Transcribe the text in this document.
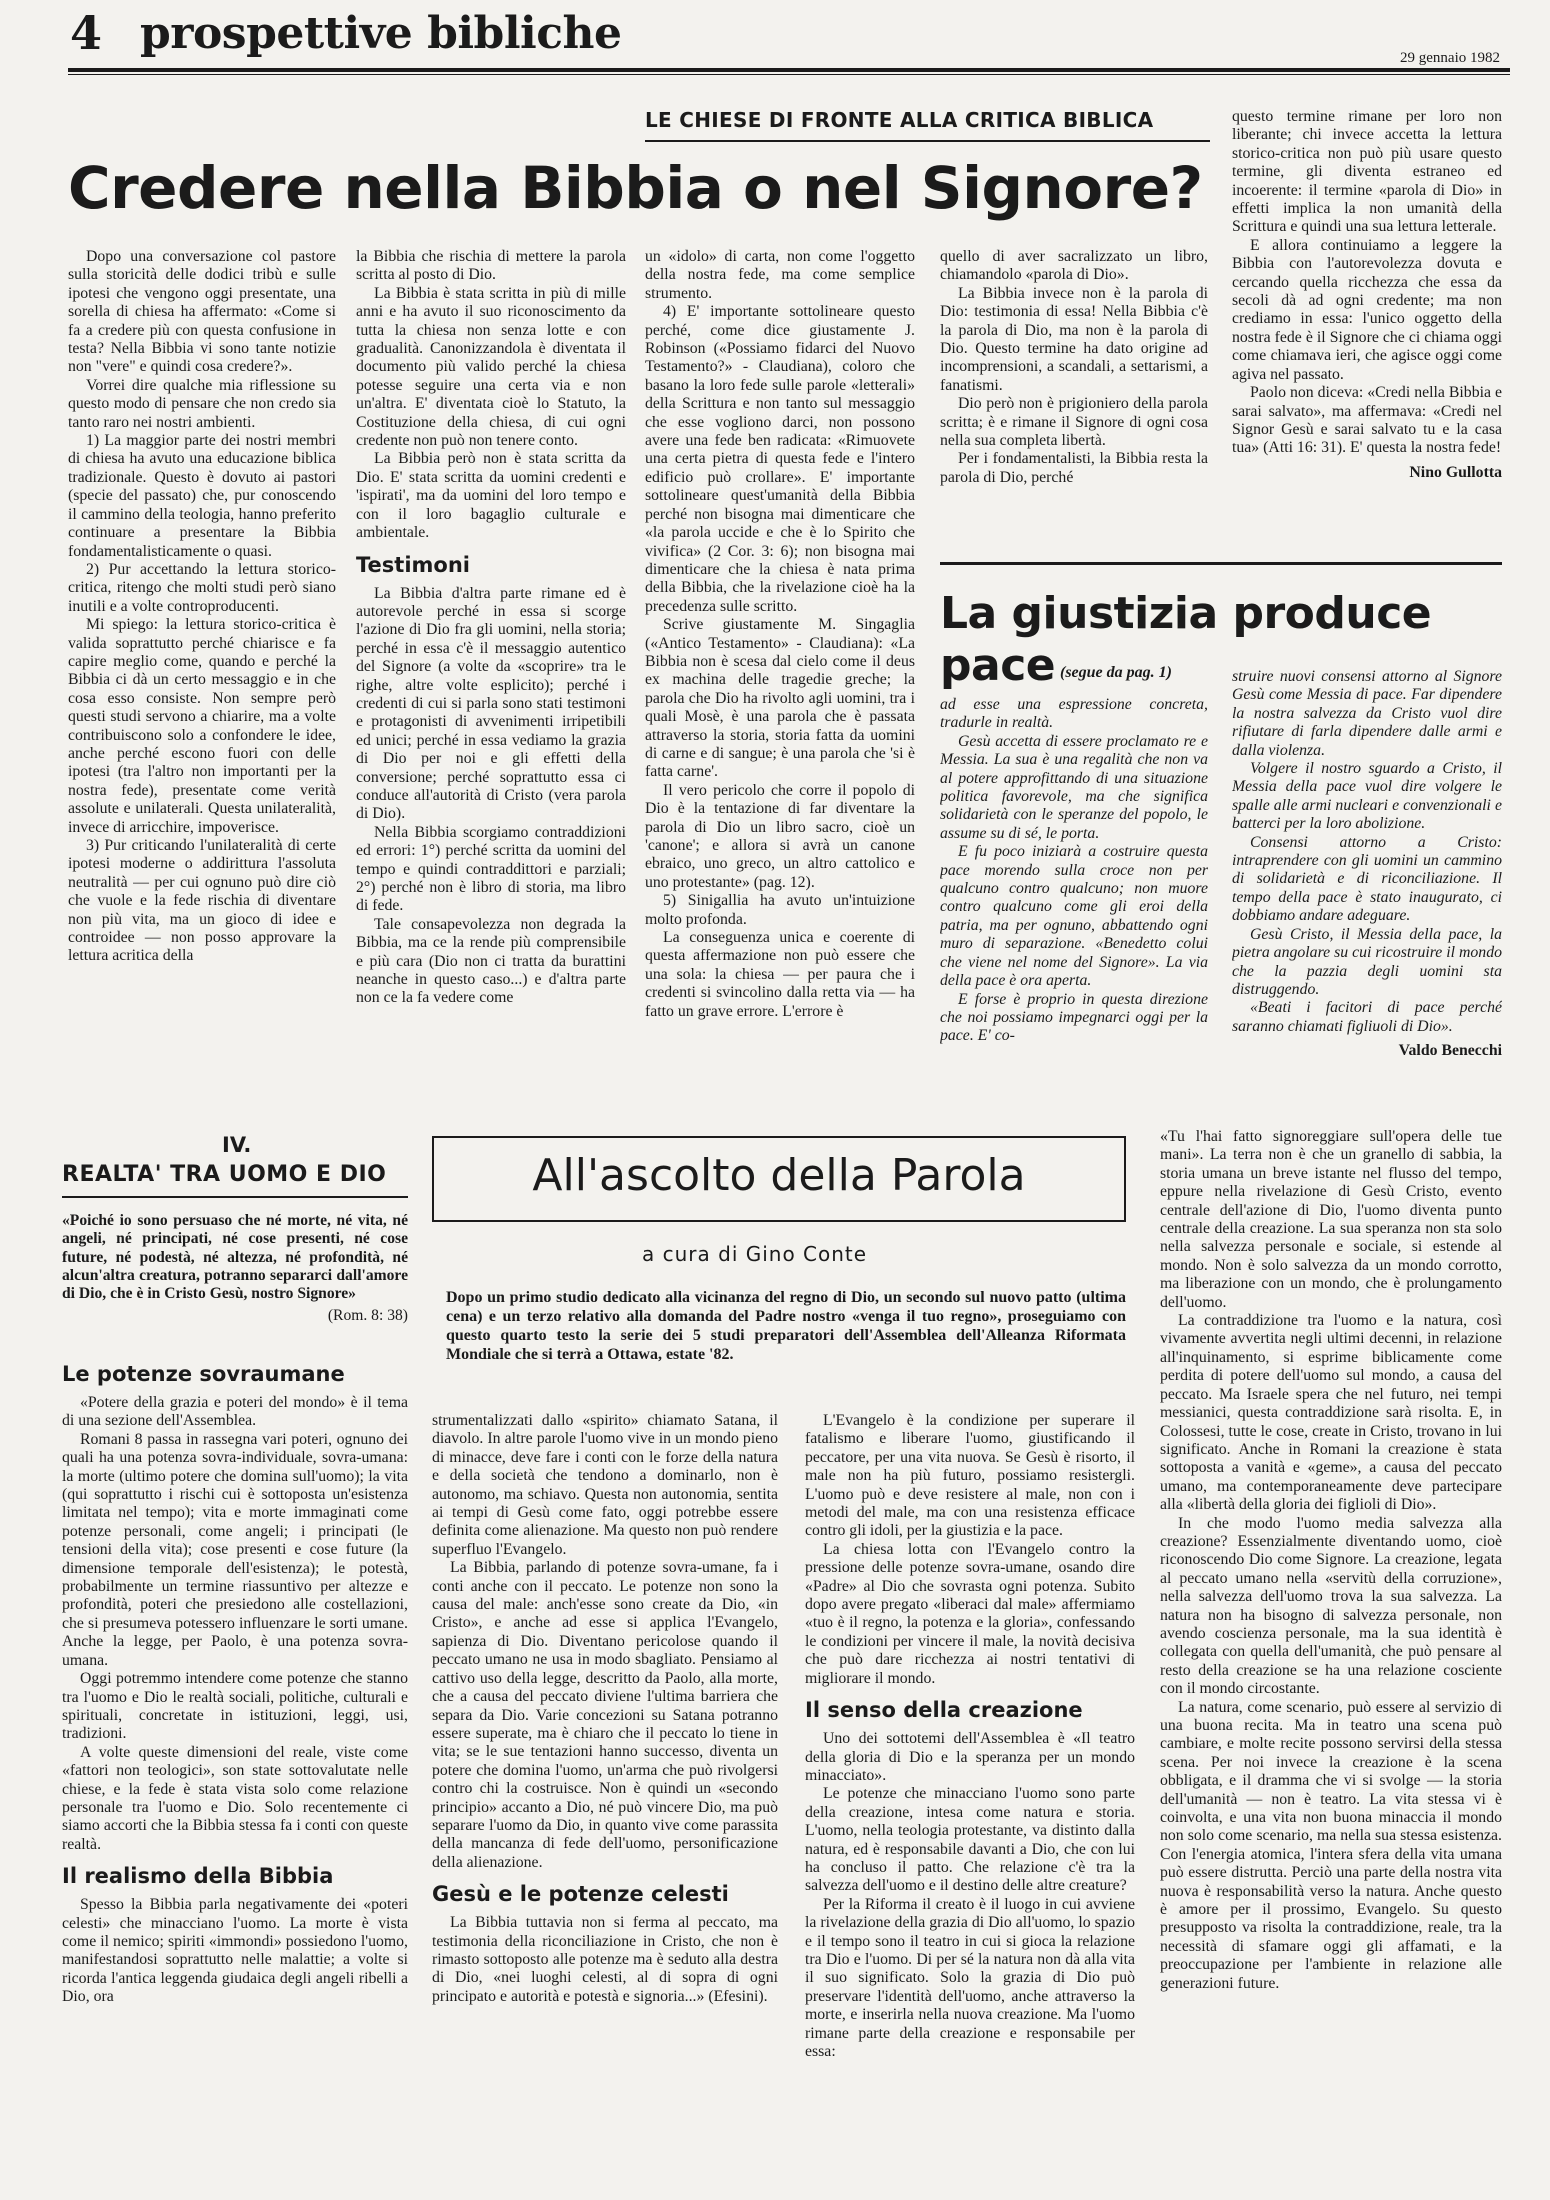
4 prospettive bibliche	29 gennaio 1982
LE CHIESE DI FRONTE ALLA CRITICA BIBLICA
Credere nella Bibbia o nel Signore?

Dopo una conversazione col pastore sulla storicità delle dodici tribù e sulle ipotesi che vengono oggi presentate, una sorella di chiesa ha affermato: «Come si fa a credere più con questa confusione in testa? Nella Bibbia vi sono tante notizie non "vere" e quindi cosa credere?».

Vorrei dire qualche mia riflessione su questo modo di pensare che non credo sia tanto raro nei nostri ambienti.

1) La maggior parte dei nostri membri di chiesa ha avuto una educazione biblica tradizionale. Questo è dovuto ai pastori (specie del passato) che, pur conoscendo il cammino della teologia, hanno preferito continuare a presentare la Bibbia fondamentalisticamente o quasi.

2) Pur accettando la lettura storico-critica, ritengo che molti studi però siano inutili e a volte controproducenti.

Mi spiego: la lettura storico-critica è valida soprattutto perché chiarisce e fa capire meglio come, quando e perché la Bibbia ci dà un certo messaggio e in che cosa esso consiste. Non sempre però questi studi servono a chiarire, ma a volte contribuiscono solo a confondere le idee, anche perché escono fuori con delle ipotesi (tra l'altro non importanti per la nostra fede), presentate come verità assolute e unilaterali. Questa unilateralità, invece di arricchire, impoverisce.

3) Pur criticando l'unilateralità di certe ipotesi moderne o addirittura l'assoluta neutralità — per cui ognuno può dire ciò che vuole e la fede rischia di diventare non più vita, ma un gioco di idee e controidee — non posso approvare la lettura acritica della

la Bibbia che rischia di mettere la parola scritta al posto di Dio.

La Bibbia è stata scritta in più di mille anni e ha avuto il suo riconoscimento da tutta la chiesa non senza lotte e con gradualità. Canonizzandola è diventata il documento più valido perché la chiesa potesse seguire una certa via e non un'altra. E' diventata cioè lo Statuto, la Costituzione della chiesa, di cui ogni credente non può non tenere conto.

La Bibbia però non è stata scritta da Dio. E' stata scritta da uomini credenti e 'ispirati', ma da uomini del loro tempo e con il loro bagaglio culturale e ambientale.

Testimoni

La Bibbia d'altra parte rimane ed è autorevole perché in essa si scorge l'azione di Dio fra gli uomini, nella storia; perché in essa c'è il messaggio autentico del Signore (a volte da «scoprire» tra le righe, altre volte esplicito); perché i credenti di cui si parla sono stati testimoni e protagonisti di avvenimenti irripetibili ed unici; perché in essa vediamo la grazia di Dio per noi e gli effetti della conversione; perché soprattutto essa ci conduce all'autorità di Cristo (vera parola di Dio).

Nella Bibbia scorgiamo contraddizioni ed errori: 1°) perché scritta da uomini del tempo e quindi contraddittori e parziali; 2°) perché non è libro di storia, ma libro di fede.

Tale consapevolezza non degrada la Bibbia, ma ce la rende più comprensibile e più cara (Dio non ci tratta da burattini neanche in questo caso...) e d'altra parte non ce la fa vedere come

un «idolo» di carta, non come l'oggetto della nostra fede, ma come semplice strumento.

4) E' importante sottolineare questo perché, come dice giustamente J. Robinson («Possiamo fidarci del Nuovo Testamento?» - Claudiana), coloro che basano la loro fede sulle parole «letterali» della Scrittura e non tanto sul messaggio che esse vogliono darci, non possono avere una fede ben radicata: «Rimuovete una certa pietra di questa fede e l'intero edificio può crollare». E' importante sottolineare quest'umanità della Bibbia perché non bisogna mai dimenticare che «la parola uccide e che è lo Spirito che vivifica» (2 Cor. 3: 6); non bisogna mai dimenticare che la chiesa è nata prima della Bibbia, che la rivelazione cioè ha la precedenza sulle scritto.

Scrive giustamente M. Singaglia («Antico Testamento» - Claudiana): «La Bibbia non è scesa dal cielo come il deus ex machina delle tragedie greche; la parola che Dio ha rivolto agli uomini, tra i quali Mosè, è una parola che è passata attraverso la storia, storia fatta da uomini di carne e di sangue; è una parola che 'si è fatta carne'.

Il vero pericolo che corre il popolo di Dio è la tentazione di far diventare la parola di Dio un libro sacro, cioè un 'canone'; e allora si avrà un canone ebraico, uno greco, un altro cattolico e uno protestante» (pag. 12).

5) Sinigallia ha avuto un'intuizione molto profonda.

La conseguenza unica e coerente di questa affermazione non può essere che una sola: la chiesa — per paura che i credenti si svincolino dalla retta via — ha fatto un grave errore. L'errore è

quello di aver sacralizzato un libro, chiamandolo «parola di Dio».

La Bibbia invece non è la parola di Dio: testimonia di essa! Nella Bibbia c'è la parola di Dio, ma non è la parola di Dio. Questo termine ha dato origine ad incomprensioni, a scandali, a settarismi, a fanatismi.

Dio però non è prigioniero della parola scritta; è e rimane il Signore di ogni cosa nella sua completa libertà.

Per i fondamentalisti, la Bibbia resta la parola di Dio, perché

questo termine rimane per loro non liberante; chi invece accetta la lettura storico-critica non può più usare questo termine, gli diventa estraneo ed incoerente: il termine «parola di Dio» in effetti implica la non umanità della Scrittura e quindi una sua lettura letterale.

E allora continuiamo a leggere la Bibbia con l'autorevolezza dovuta e cercando quella ricchezza che essa da secoli dà ad ogni credente; ma non crediamo in essa: l'unico oggetto della nostra fede è il Signore che ci chiama oggi come chiamava ieri, che agisce oggi come agiva nel passato.

Paolo non diceva: «Credi nella Bibbia e sarai salvato», ma affermava: «Credi nel Signor Gesù e sarai salvato tu e la casa tua» (Atti 16: 31). E' questa la nostra fede!

Nino Gullotta

La giustizia produce pace (segue da pag. 1)

ad esse una espressione concreta, tradurle in realtà.

Gesù accetta di essere proclamato re e Messia. La sua è una regalità che non va al potere approfittando di una situazione politica favorevole, ma che significa solidarietà con le speranze del popolo, le assume su di sé, le porta.

E fu poco iniziarà a costruire questa pace morendo sulla croce non per qualcuno contro qualcuno; non muore contro qualcuno come gli eroi della patria, ma per ognuno, abbattendo ogni muro di separazione. «Benedetto colui che viene nel nome del Signore». La via della pace è ora aperta.

E forse è proprio in questa direzione che noi possiamo impegnarci oggi per la pace. E' co-

struire nuovi consensi attorno al Signore Gesù come Messia di pace. Far dipendere la nostra salvezza da Cristo vuol dire rifiutare di farla dipendere dalle armi e dalla violenza.

Volgere il nostro sguardo a Cristo, il Messia della pace vuol dire volgere le spalle alle armi nucleari e convenzionali e batterci per la loro abolizione.

Consensi attorno a Cristo: intraprendere con gli uomini un cammino di solidarietà e di riconciliazione. Il tempo della pace è stato inaugurato, ci dobbiamo andare adeguare.

Gesù Cristo, il Messia della pace, la pietra angolare su cui ricostruire il mondo che la pazzia degli uomini sta distruggendo.

«Beati i facitori di pace perché saranno chiamati figliuoli di Dio».

Valdo Benecchi

IV.
REALTA' TRA UOMO E DIO
«Poiché io sono persuaso che né morte, né vita, né angeli, né principati, né cose presenti, né cose future, né podestà, né altezza, né profondità, né alcun'altra creatura, potranno separarci dall'amore di Dio, che è in Cristo Gesù, nostro Signore»
(Rom. 8: 38)
All'ascolto della Parola
a cura di Gino Conte
Dopo un primo studio dedicato alla vicinanza del regno di Dio, un secondo sul nuovo patto (ultima cena) e un terzo relativo alla domanda del Padre nostro «venga il tuo regno», proseguiamo con questo quarto testo la serie dei 5 studi preparatori dell'Assemblea dell'Alleanza Riformata Mondiale che si terrà a Ottawa, estate '82.
Le potenze sovraumane

«Potere della grazia e poteri del mondo» è il tema di una sezione dell'Assemblea.

Romani 8 passa in rassegna vari poteri, ognuno dei quali ha una potenza sovra-individuale, sovra-umana: la morte (ultimo potere che domina sull'uomo); la vita (qui soprattutto i rischi cui è sottoposta un'esistenza limitata nel tempo); vita e morte immaginati come potenze personali, come angeli; i principati (le tensioni della vita); cose presenti e cose future (la dimensione temporale dell'esistenza); le potestà, probabilmente un termine riassuntivo per altezze e profondità, poteri che presiedono alle costellazioni, che si presumeva potessero influenzare le sorti umane. Anche la legge, per Paolo, è una potenza sovra-umana.

Oggi potremmo intendere come potenze che stanno tra l'uomo e Dio le realtà sociali, politiche, culturali e spirituali, concretate in istituzioni, leggi, usi, tradizioni.

A volte queste dimensioni del reale, viste come «fattori non teologici», son state sottovalutate nelle chiese, e la fede è stata vista solo come relazione personale tra l'uomo e Dio. Solo recentemente ci siamo accorti che la Bibbia stessa fa i conti con queste realtà.

Il realismo della Bibbia

Spesso la Bibbia parla negativamente dei «poteri celesti» che minacciano l'uomo. La morte è vista come il nemico; spiriti «immondi» possiedono l'uomo, manifestandosi soprattutto nelle malattie; a volte si ricorda l'antica leggenda giudaica degli angeli ribelli a Dio, ora

strumentalizzati dallo «spirito» chiamato Satana, il diavolo. In altre parole l'uomo vive in un mondo pieno di minacce, deve fare i conti con le forze della natura e della società che tendono a dominarlo, non è autonomo, ma schiavo. Questa non autonomia, sentita ai tempi di Gesù come fato, oggi potrebbe essere definita come alienazione. Ma questo non può rendere superfluo l'Evangelo.

La Bibbia, parlando di potenze sovra-umane, fa i conti anche con il peccato. Le potenze non sono la causa del male: anch'esse sono create da Dio, «in Cristo», e anche ad esse si applica l'Evangelo, sapienza di Dio. Diventano pericolose quando il peccato umano ne usa in modo sbagliato. Pensiamo al cattivo uso della legge, descritto da Paolo, alla morte, che a causa del peccato diviene l'ultima barriera che separa da Dio. Varie concezioni su Satana potranno essere superate, ma è chiaro che il peccato lo tiene in vita; se le sue tentazioni hanno successo, diventa un potere che domina l'uomo, un'arma che può rivolgersi contro chi la costruisce. Non è quindi un «secondo principio» accanto a Dio, né può vincere Dio, ma può separare l'uomo da Dio, in quanto vive come parassita della mancanza di fede dell'uomo, personificazione della alienazione.

Gesù e le potenze celesti

La Bibbia tuttavia non si ferma al peccato, ma testimonia della riconciliazione in Cristo, che non è rimasto sottoposto alle potenze ma è seduto alla destra di Dio, «nei luoghi celesti, al di sopra di ogni principato e autorità e potestà e signoria...» (Efesini).

L'Evangelo è la condizione per superare il fatalismo e liberare l'uomo, giustificando il peccatore, per una vita nuova. Se Gesù è risorto, il male non ha più futuro, possiamo resistergli. L'uomo può e deve resistere al male, non con i metodi del male, ma con una resistenza efficace contro gli idoli, per la giustizia e la pace.

La chiesa lotta con l'Evangelo contro la pressione delle potenze sovra-umane, osando dire «Padre» al Dio che sovrasta ogni potenza. Subito dopo avere pregato «liberaci dal male» affermiamo «tuo è il regno, la potenza e la gloria», confessando le condizioni per vincere il male, la novità decisiva che può dare ricchezza ai nostri tentativi di migliorare il mondo.

Il senso della creazione

Uno dei sottotemi dell'Assemblea è «Il teatro della gloria di Dio e la speranza per un mondo minacciato».

Le potenze che minacciano l'uomo sono parte della creazione, intesa come natura e storia. L'uomo, nella teologia protestante, va distinto dalla natura, ed è responsabile davanti a Dio, che con lui ha concluso il patto. Che relazione c'è tra la salvezza dell'uomo e il destino delle altre creature?

Per la Riforma il creato è il luogo in cui avviene la rivelazione della grazia di Dio all'uomo, lo spazio e il tempo sono il teatro in cui si gioca la relazione tra Dio e l'uomo. Di per sé la natura non dà alla vita il suo significato. Solo la grazia di Dio può preservare l'identità dell'uomo, anche attraverso la morte, e inserirla nella nuova creazione. Ma l'uomo rimane parte della creazione e responsabile per essa:

«Tu l'hai fatto signoreggiare sull'opera delle tue mani». La terra non è che un granello di sabbia, la storia umana un breve istante nel flusso del tempo, eppure nella rivelazione di Gesù Cristo, evento centrale dell'azione di Dio, l'uomo diventa punto centrale della creazione. La sua speranza non sta solo nella salvezza personale e sociale, si estende al mondo. Non è solo salvezza da un mondo corrotto, ma liberazione con un mondo, che è prolungamento dell'uomo.

La contraddizione tra l'uomo e la natura, così vivamente avvertita negli ultimi decenni, in relazione all'inquinamento, si esprime biblicamente come perdita di potere dell'uomo sul mondo, a causa del peccato. Ma Israele spera che nel futuro, nei tempi messianici, questa contraddizione sarà risolta. E, in Colossesi, tutte le cose, create in Cristo, trovano in lui significato. Anche in Romani la creazione è stata sottoposta a vanità e «geme», a causa del peccato umano, ma contemporaneamente deve partecipare alla «libertà della gloria dei figlioli di Dio».

In che modo l'uomo media salvezza alla creazione? Essenzialmente diventando uomo, cioè riconoscendo Dio come Signore. La creazione, legata al peccato umano nella «servitù della corruzione», nella salvezza dell'uomo trova la sua salvezza. La natura non ha bisogno di salvezza personale, non avendo coscienza personale, ma la sua identità è collegata con quella dell'umanità, che può pensare al resto della creazione se ha una relazione cosciente con il mondo circostante.

La natura, come scenario, può essere al servizio di una buona recita. Ma in teatro una scena può cambiare, e molte recite possono servirsi della stessa scena. Per noi invece la creazione è la scena obbligata, e il dramma che vi si svolge — la storia dell'umanità — non è teatro. La vita stessa vi è coinvolta, e una vita non buona minaccia il mondo non solo come scenario, ma nella sua stessa esistenza. Con l'energia atomica, l'intera sfera della vita umana può essere distrutta. Perciò una parte della nostra vita nuova è responsabilità verso la natura. Anche questo è amore per il prossimo, Evangelo. Su questo presupposto va risolta la contraddizione, reale, tra la necessità di sfamare oggi gli affamati, e la preoccupazione per l'ambiente in relazione alle generazioni future.
